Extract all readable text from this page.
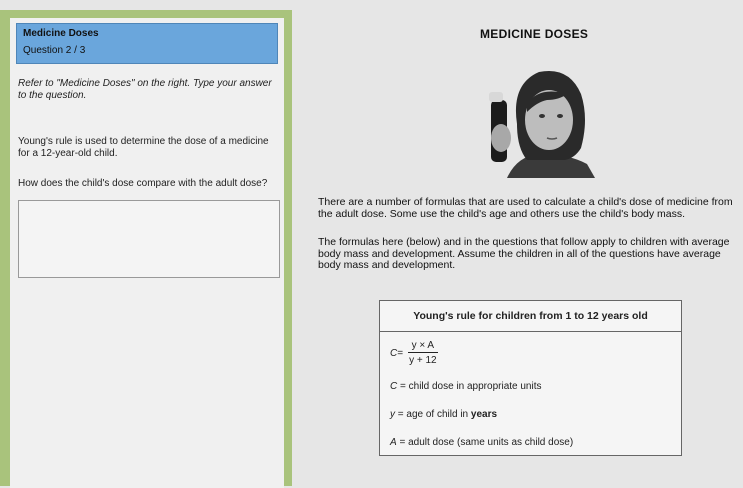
Medicine Doses
Question 2 / 3
Refer to "Medicine Doses" on the right. Type your answer to the question.
Young's rule is used to determine the dose of a medicine for a 12-year-old child.
How does the child's dose compare with the adult dose?
MEDICINE DOSES
There are a number of formulas that are used to calculate a child's dose of medicine from the adult dose. Some use the child's age and others use the child's body mass.
The formulas here (below) and in the questions that follow apply to children with average body mass and development. Assume the children in all of the questions have average body mass and development.
Young's rule for children from 1 to 12 years old
$C = \frac{y \times A}{y + 12}$
C = child dose in appropriate units
y = age of child in years
A = adult dose (same units as child dose)
